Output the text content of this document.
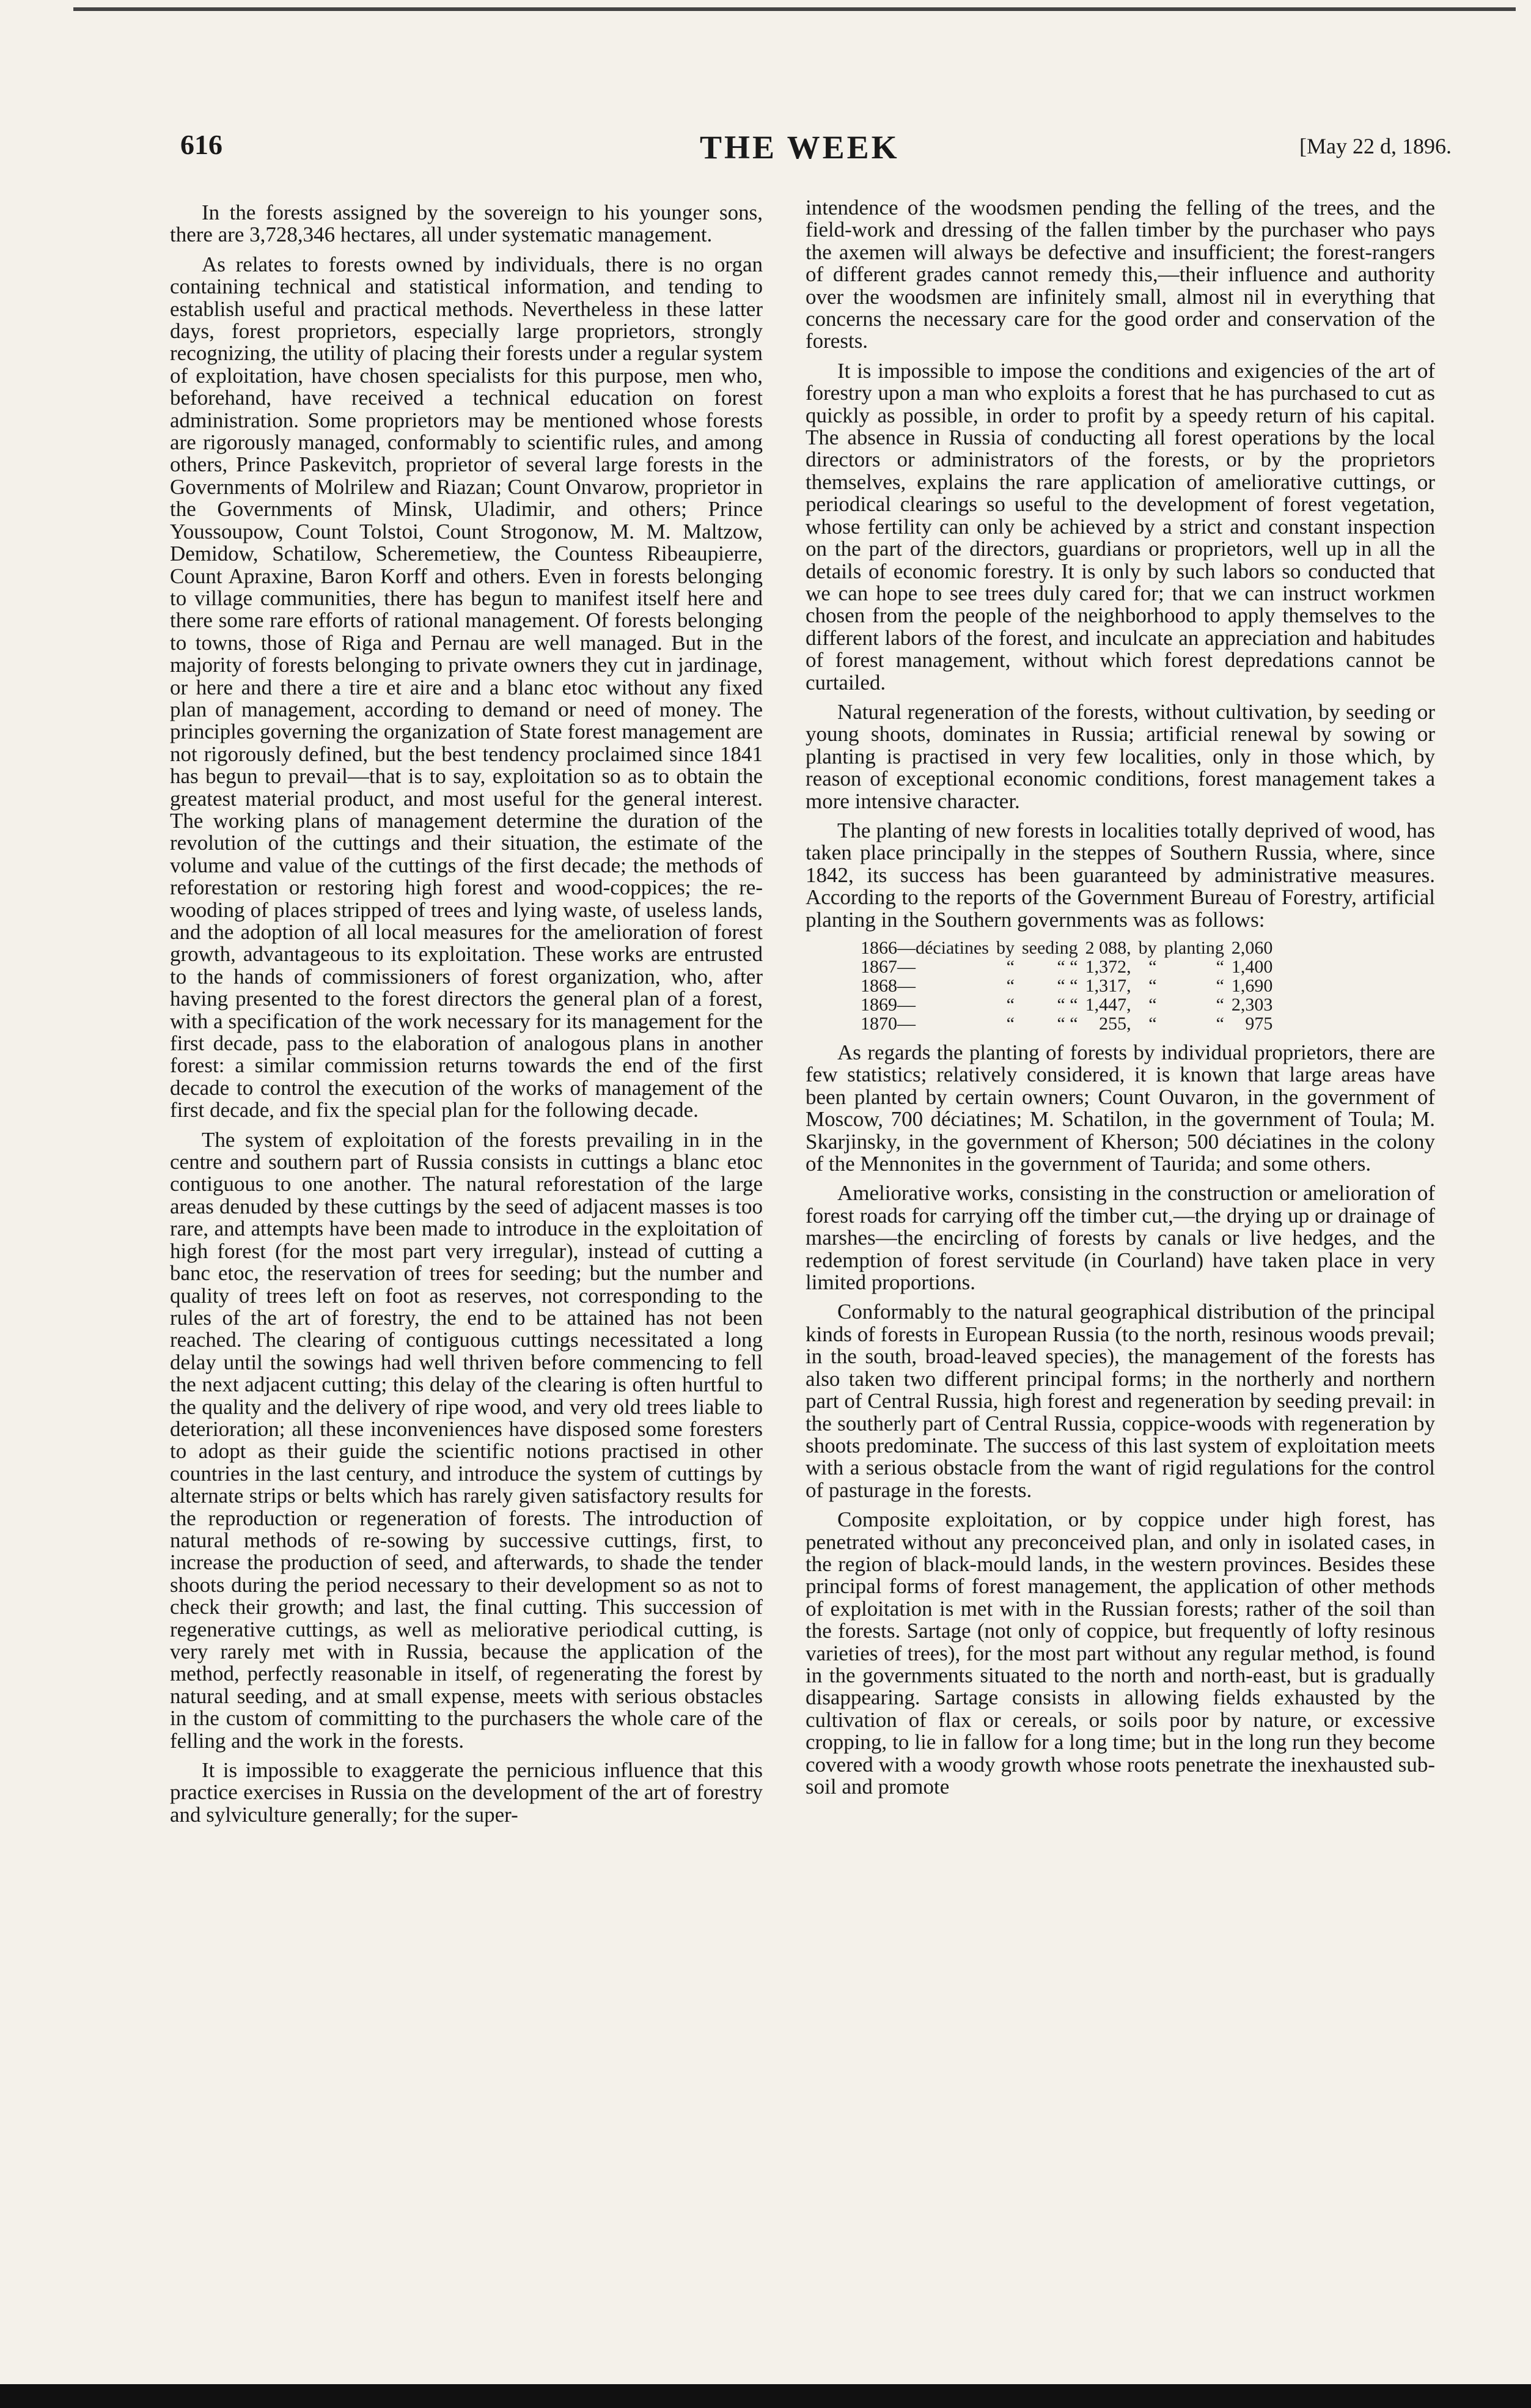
616	THE WEEK	[May 22 d, 1896.

In the forests assigned by the sovereign to his younger sons, there are 3,728,346 hectares, all under systematic management.

As relates to forests owned by individuals, there is no organ containing technical and statistical information, and tending to establish useful and practical methods. Nevertheless in these latter days, forest proprietors, especially large proprietors, strongly recognizing, the utility of placing their forests under a regular system of exploitation, have chosen specialists for this purpose, men who, beforehand, have received a technical education on forest administration. Some proprietors may be mentioned whose forests are rigorously managed, conformably to scientific rules, and among others, Prince Paskevitch, proprietor of several large forests in the Governments of Molrilew and Riazan; Count Onvarow, proprietor in the Governments of Minsk, Uladimir, and others; Prince Youssoupow, Count Tolstoi, Count Strogonow, M. M. Maltzow, Demidow, Schatilow, Scheremetiew, the Countess Ribeaupierre, Count Apraxine, Baron Korff and others. Even in forests belonging to village communities, there has begun to manifest itself here and there some rare efforts of rational management. Of forests belonging to towns, those of Riga and Pernau are well managed. But in the majority of forests belonging to private owners they cut in jardinage, or here and there a tire et aire and a blanc etoc without any fixed plan of management, according to demand or need of money. The principles governing the organization of State forest management are not rigorously defined, but the best tendency proclaimed since 1841 has begun to prevail—that is to say, exploitation so as to obtain the greatest material product, and most useful for the general interest. The working plans of management determine the duration of the revolution of the cuttings and their situation, the estimate of the volume and value of the cuttings of the first decade; the methods of reforestation or restoring high forest and wood-coppices; the re-wooding of places stripped of trees and lying waste, of useless lands, and the adoption of all local measures for the amelioration of forest growth, advantageous to its exploitation. These works are entrusted to the hands of commissioners of forest organization, who, after having presented to the forest directors the general plan of a forest, with a specification of the work necessary for its management for the first decade, pass to the elaboration of analogous plans in another forest: a similar commission returns towards the end of the first decade to control the execution of the works of management of the first decade, and fix the special plan for the following decade.

The system of exploitation of the forests prevailing in in the centre and southern part of Russia consists in cuttings a blanc etoc contiguous to one another. The natural reforestation of the large areas denuded by these cuttings by the seed of adjacent masses is too rare, and attempts have been made to introduce in the exploitation of high forest (for the most part very irregular), instead of cutting a banc etoc, the reservation of trees for seeding; but the number and quality of trees left on foot as reserves, not corresponding to the rules of the art of forestry, the end to be attained has not been reached. The clearing of contiguous cuttings necessitated a long delay until the sowings had well thriven before commencing to fell the next adjacent cutting; this delay of the clearing is often hurtful to the quality and the delivery of ripe wood, and very old trees liable to deterioration; all these inconveniences have disposed some foresters to adopt as their guide the scientific notions practised in other countries in the last century, and introduce the system of cuttings by alternate strips or belts which has rarely given satisfactory results for the reproduction or regeneration of forests. The introduction of natural methods of re-sowing by successive cuttings, first, to increase the production of seed, and afterwards, to shade the tender shoots during the period necessary to their development so as not to check their growth; and last, the final cutting. This succession of regenerative cuttings, as well as meliorative periodical cutting, is very rarely met with in Russia, because the application of the method, perfectly reasonable in itself, of regenerating the forest by natural seeding, and at small expense, meets with serious obstacles in the custom of committing to the purchasers the whole care of the felling and the work in the forests.

It is impossible to exaggerate the pernicious influence that this practice exercises in Russia on the development of the art of forestry and sylviculture generally; for the super-

intendence of the woodsmen pending the felling of the trees, and the field-work and dressing of the fallen timber by the purchaser who pays the axemen will always be defective and insufficient; the forest-rangers of different grades cannot remedy this,—their influence and authority over the woodsmen are infinitely small, almost nil in everything that concerns the necessary care for the good order and conservation of the forests.

It is impossible to impose the conditions and exigencies of the art of forestry upon a man who exploits a forest that he has purchased to cut as quickly as possible, in order to profit by a speedy return of his capital. The absence in Russia of conducting all forest operations by the local directors or administrators of the forests, or by the proprietors themselves, explains the rare application of ameliorative cuttings, or periodical clearings so useful to the development of forest vegetation, whose fertility can only be achieved by a strict and constant inspection on the part of the directors, guardians or proprietors, well up in all the details of economic forestry. It is only by such labors so conducted that we can hope to see trees duly cared for; that we can instruct workmen chosen from the people of the neighborhood to apply themselves to the different labors of the forest, and inculcate an appreciation and habitudes of forest management, without which forest depredations cannot be curtailed.

Natural regeneration of the forests, without cultivation, by seeding or young shoots, dominates in Russia; artificial renewal by sowing or planting is practised in very few localities, only in those which, by reason of exceptional economic conditions, forest management takes a more intensive character.

The planting of new forests in localities totally deprived of wood, has taken place principally in the steppes of Southern Russia, where, since 1842, its success has been guaranteed by administrative measures. According to the reports of the Government Bureau of Forestry, artificial planting in the Southern governments was as follows:

1866—déciatines	by	seeding	2 088,	by	planting	2,060
1867—	“	“ “	1,372,	“	“	1,400
1868—	“	“ “	1,317,	“	“	1,690
1869—	“	“ “	1,447,	“	“	2,303
1870—	“	“ “	255,	“	“	975

As regards the planting of forests by individual proprietors, there are few statistics; relatively considered, it is known that large areas have been planted by certain owners; Count Ouvaron, in the government of Moscow, 700 déciatines; M. Schatilon, in the government of Toula; M. Skarjinsky, in the government of Kherson; 500 déciatines in the colony of the Mennonites in the government of Taurida; and some others.

Ameliorative works, consisting in the construction or amelioration of forest roads for carrying off the timber cut,—the drying up or drainage of marshes—the encircling of forests by canals or live hedges, and the redemption of forest servitude (in Courland) have taken place in very limited proportions.

Conformably to the natural geographical distribution of the principal kinds of forests in European Russia (to the north, resinous woods prevail; in the south, broad-leaved species), the management of the forests has also taken two different principal forms; in the northerly and northern part of Central Russia, high forest and regeneration by seeding prevail: in the southerly part of Central Russia, coppice-woods with regeneration by shoots predominate. The success of this last system of exploitation meets with a serious obstacle from the want of rigid regulations for the control of pasturage in the forests.

Composite exploitation, or by coppice under high forest, has penetrated without any preconceived plan, and only in isolated cases, in the region of black-mould lands, in the western provinces. Besides these principal forms of forest management, the application of other methods of exploitation is met with in the Russian forests; rather of the soil than the forests. Sartage (not only of coppice, but frequently of lofty resinous varieties of trees), for the most part without any regular method, is found in the governments situated to the north and north-east, but is gradually disappearing. Sartage consists in allowing fields exhausted by the cultivation of flax or cereals, or soils poor by nature, or excessive cropping, to lie in fallow for a long time; but in the long run they become covered with a woody growth whose roots penetrate the inexhausted sub-soil and promote
